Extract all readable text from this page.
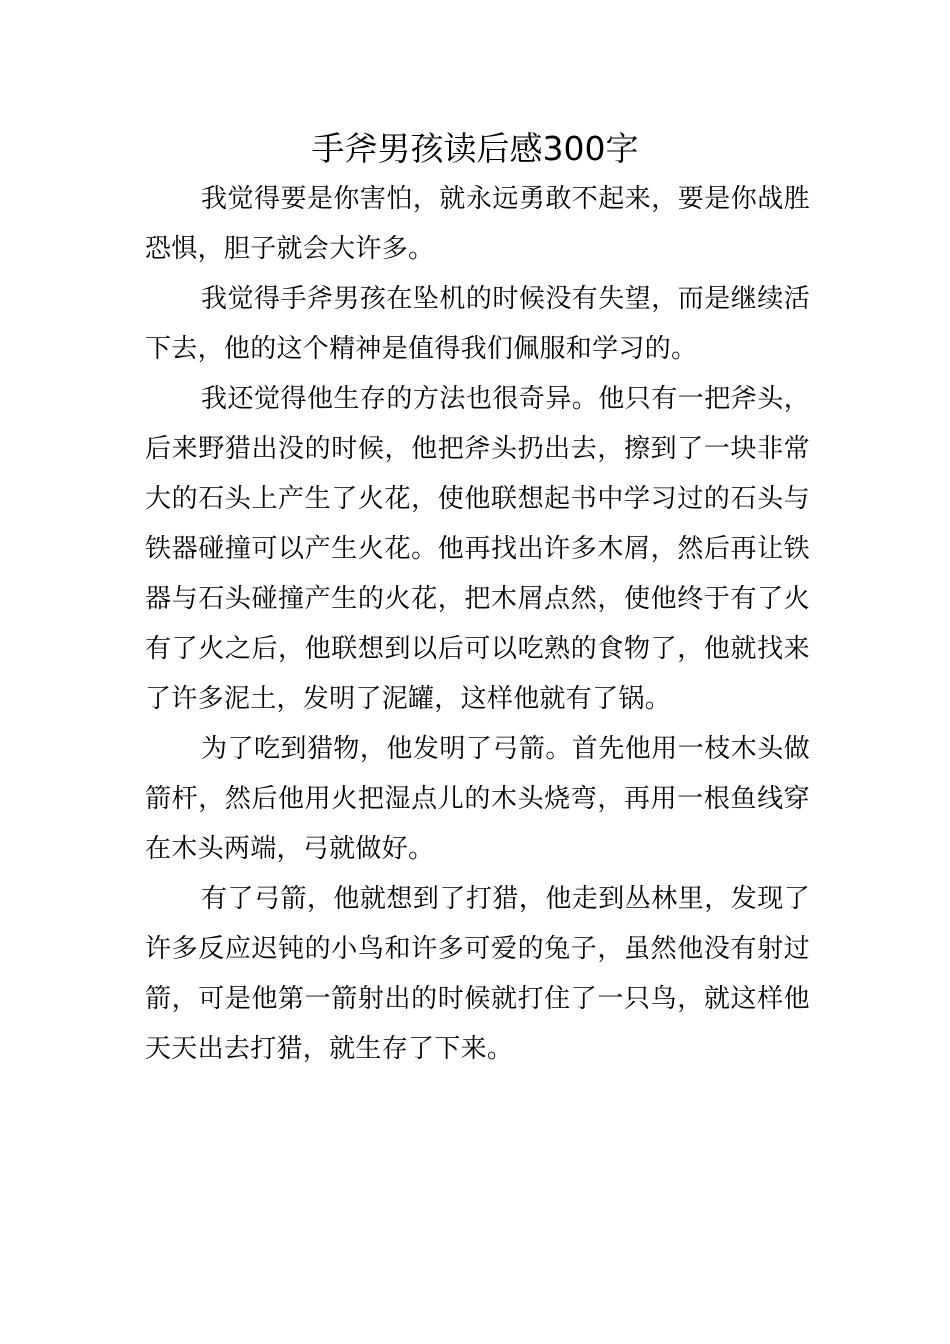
手斧男孩读后感300字

我觉得要是你害怕，就永远勇敢不起来，要是你战胜恐惧，胆子就会大许多。

我觉得手斧男孩在坠机的时候没有失望，而是继续活下去，他的这个精神是值得我们佩服和学习的。

我还觉得他生存的方法也很奇异。他只有一把斧头，后来野猎出没的时候，他把斧头扔出去，擦到了一块非常大的石头上产生了火花，使他联想起书中学习过的石头与铁器碰撞可以产生火花。他再找出许多木屑，然后再让铁器与石头碰撞产生的火花，把木屑点然，使他终于有了火有了火之后，他联想到以后可以吃熟的食物了，他就找来了许多泥土，发明了泥罐，这样他就有了锅。

为了吃到猎物，他发明了弓箭。首先他用一枝木头做箭杆，然后他用火把湿点儿的木头烧弯，再用一根鱼线穿在木头两端，弓就做好。

有了弓箭，他就想到了打猎，他走到丛林里，发现了许多反应迟钝的小鸟和许多可爱的兔子，虽然他没有射过箭，可是他第一箭射出的时候就打住了一只鸟，就这样他天天出去打猎，就生存了下来。
